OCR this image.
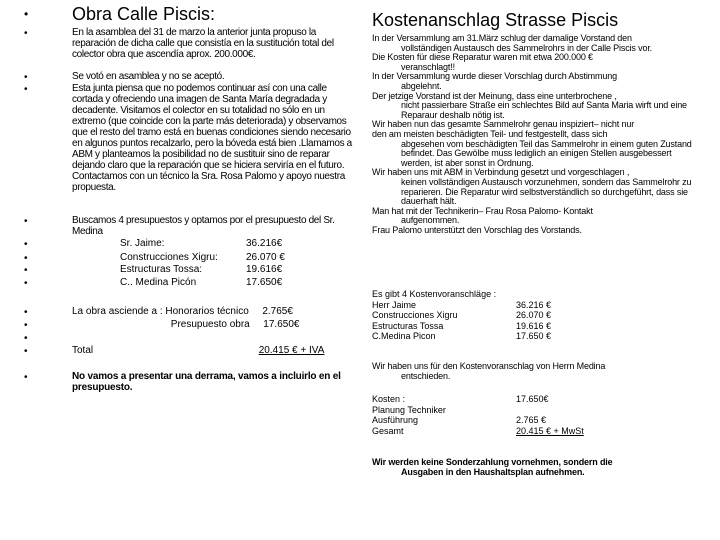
• Obra Calle Piscis:
•	En la asamblea del 31 de marzo la anterior junta propuso la reparación de dicha calle que consistía en la sustitución total del colector obra que ascendía aprox. 200.000€.
•	Se votó en asamblea y no se aceptó.
•	Esta junta piensa que no podemos continuar así con una calle cortada y ofreciendo una imagen de Santa María degradada y decadente. Visitamos el colector en su totalidad no sólo en un extremo (que coincide con la parte más deteriorada) y observamos que el resto del tramo está en buenas condiciones siendo necesario en algunos puntos recalzarlo, pero la bóveda está bien .Llamamos a ABM y planteamos la posibilidad no de sustituir sino de reparar dejando claro que la reparación que se hiciera serviría en el futuro. Contactamos con un técnico la Sra. Rosa Palomo y apoyo nuestra propuesta.
•	Buscamos 4 presupuestos y optamos por el presupuesto del Sr. Medina
•	Sr. Jaime:	36.216€
•	Construcciones Xigru:	26.070 €
•	Estructuras Tossa:	19.616€
•	C.. Medina Picón	17.650€
•	La obra asciende a : Honorarios técnico 2.765€
•	Presupuesto obra 17.650€
•
•	Total	20.415 € + IVA
•	No vamos a presentar una derrama, vamos a incluirlo en el presupuesto.
Kostenanschlag Strasse Piscis

In der Versammlung am 31.März schlug der damalige Vorstand den

vollständigen Austausch des Sammelrohrs in der Calle Piscis vor.

Die Kosten für diese Reparatur waren mit etwa 200.000 €

veranschlagt!!

In der Versammlung wurde dieser Vorschlag durch Abstimmung

abgelehnt.

Der jetzige Vorstand ist der Meinung, dass eine unterbrochene ,

nicht passierbare Straße ein schlechtes Bild auf Santa Maria wirft und eine Reparaur deshalb nötig ist.

Wir haben nun das gesamte Sammelrohr genau inspiziert– nicht nur

den am meisten beschädigten Teil- und festgestellt, dass sich

abgesehen vom beschädigten Teil das Sammelrohr in einem guten Zustand befindet. Das Gewölbe muss lediglich an einigen Stellen ausgebessert werden, ist aber sonst in Ordnung.

Wir haben uns mit ABM in Verbindung gesetzt und vorgeschlagen ,

keinen vollständigen Austausch vorzunehmen, sondern das Sammelrohr zu reparieren. Die Reparatur wird selbstverständlich so durchgeführt, dass sie dauerhaft hält.

Man hat mit der Technikerin– Frau Rosa Palomo- Kontakt

aufgenommen.

Frau Palomo unterstützt den Vorschlag des Vorstands.

Es gibt 4 Kostenvoranschläge :
Herr Jaime	36.216 €
Construcciones Xigru	26.070 €
Estructuras Tossa	19.616 €
C.Medina Picon	17.650 €
Wir haben uns für den Kostenvoranschlag von Herrn Medina

entschieden.
Kosten :	17.650€
Planung Techniker
Ausführung	2.765 €
Gesamt	20.415 € + MwSt
Wir werden keine Sonderzahlung vornehmen, sondern die

Ausgaben in den Haushaltsplan aufnehmen.
